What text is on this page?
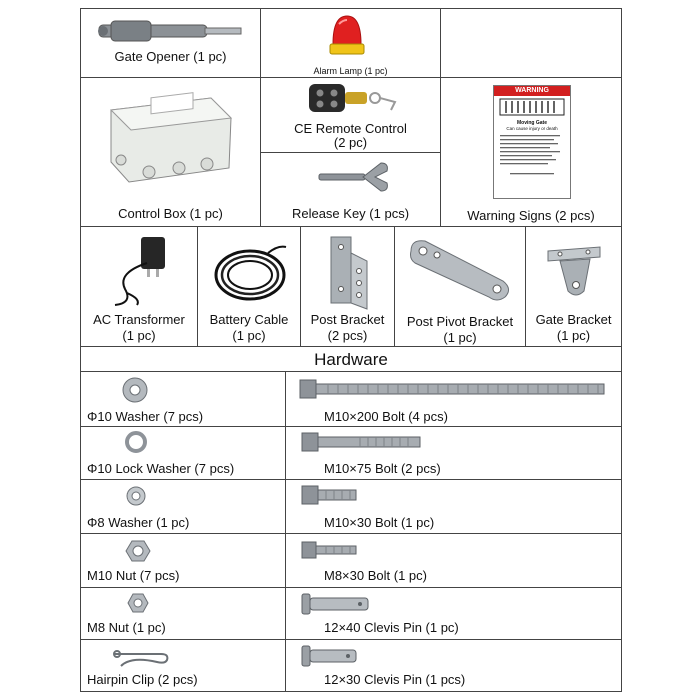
Gate Opener (1 pc)
Alarm Lamp (1 pc)
Control Box (1 pc)
CE Remote Control
(2 pc)
Release Key (1 pcs)
WARNING
Moving Gate
Can cause injury or death
Warning Signs (2 pcs)
AC Transformer
(1 pc)
Battery Cable
(1 pc)
Post Bracket
(2 pcs)
Post Pivot Bracket
(1 pc)
Gate Bracket
(1 pc)
Hardware
Φ10 Washer (7 pcs)	M10×200 Bolt (4 pcs)
Φ10 Lock Washer (7 pcs)	M10×75 Bolt (2 pcs)
Φ8 Washer (1 pc)	M10×30 Bolt (1 pc)
M10 Nut (7 pcs)	M8×30 Bolt (1 pc)
M8 Nut (1 pc)	12×40 Clevis Pin (1 pc)
Hairpin Clip (2 pcs)	12×30 Clevis Pin (1 pcs)
